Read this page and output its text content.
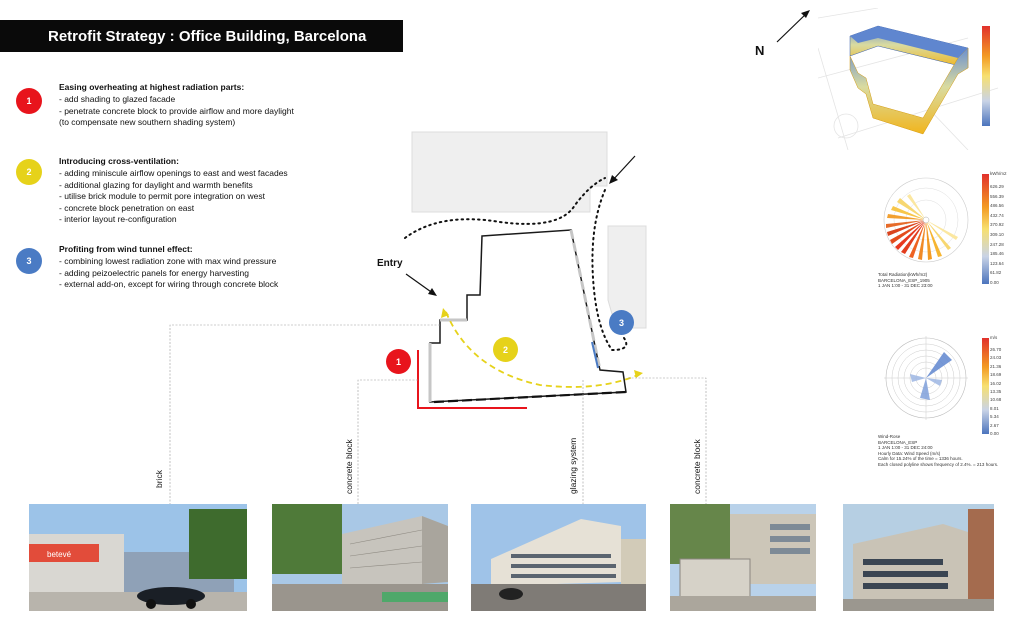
Retrofit Strategy : Office Building, Barcelona
1
Easing overheating at highest radiation parts:
- add shading to glazed facade
- penetrate concrete block to provide airflow and more daylight
(to compensate new southern shading system)
2
Introducing cross-ventilation:
- adding miniscule airflow openings to east and west facades
- additional glazing for daylight and warmth benefits
- utilise brick module to permit pore integration on west
- concrete block penetration on east
- interior layout re-configuration
3
Profiting from wind tunnel effect:
- combining lowest radiation zone with max wind pressure
- adding peizoelectric panels for energy harvesting
- external add-on, except for wiring through concrete block
1
2
3
Entry
N
brick	concrete block	glazing system	concrete block
kWh/m2
626.29
556.39
486.56
432.74
370.92
309.10
247.28
185.46
123.64
61.82
0.00
Total Radiation(kWh/m2)
BARCELONA_ESP_1905
1 JAN 1:00 - 31 DEC 23:00
m/s
26.70
24.03
21.36
18.69
16.02
13.35
10.68
8.01
5.34
2.67
0.00
Wind-Rose
BARCELONA_ESP
1 JAN 1:00 - 31 DEC 24:00
Hourly Data: Wind Speed (m/s)
Calm for 15.24% of the time = 1336 hours.
Each closed polyline shows frequency of 2.4%. = 213 hours.
betevé
